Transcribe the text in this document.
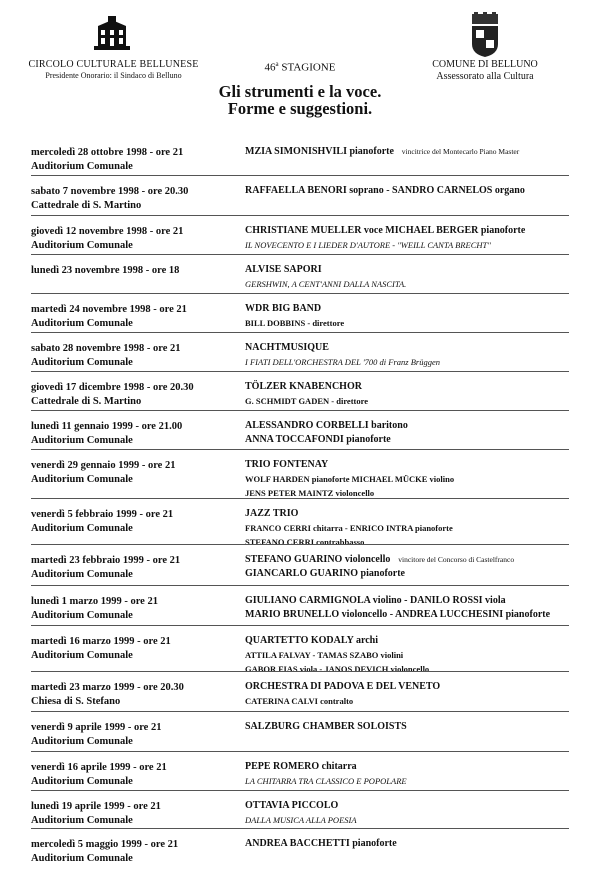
CIRCOLO CULTURALE BELLUNESE
Presidente Onorario: il Sindaco di Belluno
46$^a$ STAGIONE	COMUNE DI BELLUNO
Assessorato alla Cultura
Gli strumenti e la voce.
Forme e suggestioni.
mercoledì 28 ottobre 1998 - ore 21
Auditorium Comunale
MZIA SIMONISHVILI pianoforte vincitrice del Montecarlo Piano Master
sabato 7 novembre 1998 - ore 20.30
Cattedrale di S. Martino
RAFFAELLA BENORI soprano - SANDRO CARNELOS organo
giovedì 12 novembre 1998 - ore 21
Auditorium Comunale
CHRISTIANE MUELLER voce MICHAEL BERGER pianoforte
IL NOVECENTO E I LIEDER D'AUTORE - "WEILL CANTA BRECHT"
lunedì 23 novembre 1998 - ore 18	ALVISE SAPORI
GERSHWIN, A CENT'ANNI DALLA NASCITA.
martedì 24 novembre 1998 - ore 21
Auditorium Comunale
WDR BIG BAND
BILL DOBBINS - direttore
sabato 28 novembre 1998 - ore 21
Auditorium Comunale
NACHTMUSIQUE
I FIATI DELL'ORCHESTRA DEL '700 di Franz Brüggen
giovedì 17 dicembre 1998 - ore 20.30
Cattedrale di S. Martino
TÖLZER KNABENCHOR
G. SCHMIDT GADEN - direttore
lunedì 11 gennaio 1999 - ore 21.00
Auditorium Comunale
ALESSANDRO CORBELLI baritono
ANNA TOCCAFONDI pianoforte
venerdì 29 gennaio 1999 - ore 21
Auditorium Comunale
TRIO FONTENAY
WOLF HARDEN pianoforte MICHAEL MÜCKE violino
JENS PETER MAINTZ violoncello
venerdì 5 febbraio 1999 - ore 21
Auditorium Comunale
JAZZ TRIO
FRANCO CERRI chitarra - ENRICO INTRA pianoforte
STEFANO CERRI contrabbasso
martedì 23 febbraio 1999 - ore 21
Auditorium Comunale
STEFANO GUARINO violoncello vincitore del Concorso di Castelfranco
GIANCARLO GUARINO pianoforte
lunedì 1 marzo 1999 - ore 21
Auditorium Comunale
GIULIANO CARMIGNOLA violino - DANILO ROSSI viola
MARIO BRUNELLO violoncello - ANDREA LUCCHESINI pianoforte
martedì 16 marzo 1999 - ore 21
Auditorium Comunale
QUARTETTO KODALY archi
ATTILA FALVAY - TAMAS SZABO violini
GABOR FIAS viola - JANOS DEVICH violoncello
martedì 23 marzo 1999 - ore 20.30
Chiesa di S. Stefano
ORCHESTRA DI PADOVA E DEL VENETO
CATERINA CALVI contralto
venerdì 9 aprile 1999 - ore 21
Auditorium Comunale
SALZBURG CHAMBER SOLOISTS
venerdì 16 aprile 1999 - ore 21
Auditorium Comunale
PEPE ROMERO chitarra
LA CHITARRA TRA CLASSICO E POPOLARE
lunedì 19 aprile 1999 - ore 21
Auditorium Comunale
OTTAVIA PICCOLO
DALLA MUSICA ALLA POESIA
mercoledì 5 maggio 1999 - ore 21
Auditorium Comunale
ANDREA BACCHETTI pianoforte
